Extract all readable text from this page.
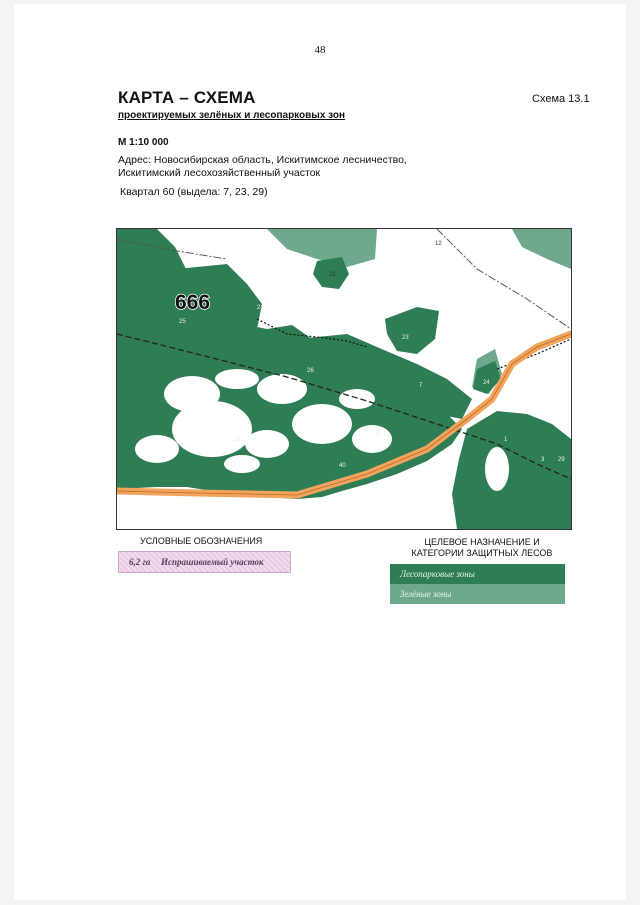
48
КАРТА – СХЕМА	Схема 13.1
проектируемых зелёных и лесопарковых зон
М 1:10 000
Адрес: Новосибирская область, Искитимское лесничество, Искитимский лесохозяйственный участок
Квартал 60 (выдела: 7, 23, 29)
666
12
22
21
25
23
26
24
7
29
30
40
1
3 29
УСЛОВНЫЕ ОБОЗНАЧЕНИЯ
6,2 га	Испрашиваемый участок
ЦЕЛЕВОЕ НАЗНАЧЕНИЕ И
КАТЕГОРИИ ЗАЩИТНЫХ ЛЕСОВ
Лесопарковые зоны
Зелёные зоны
